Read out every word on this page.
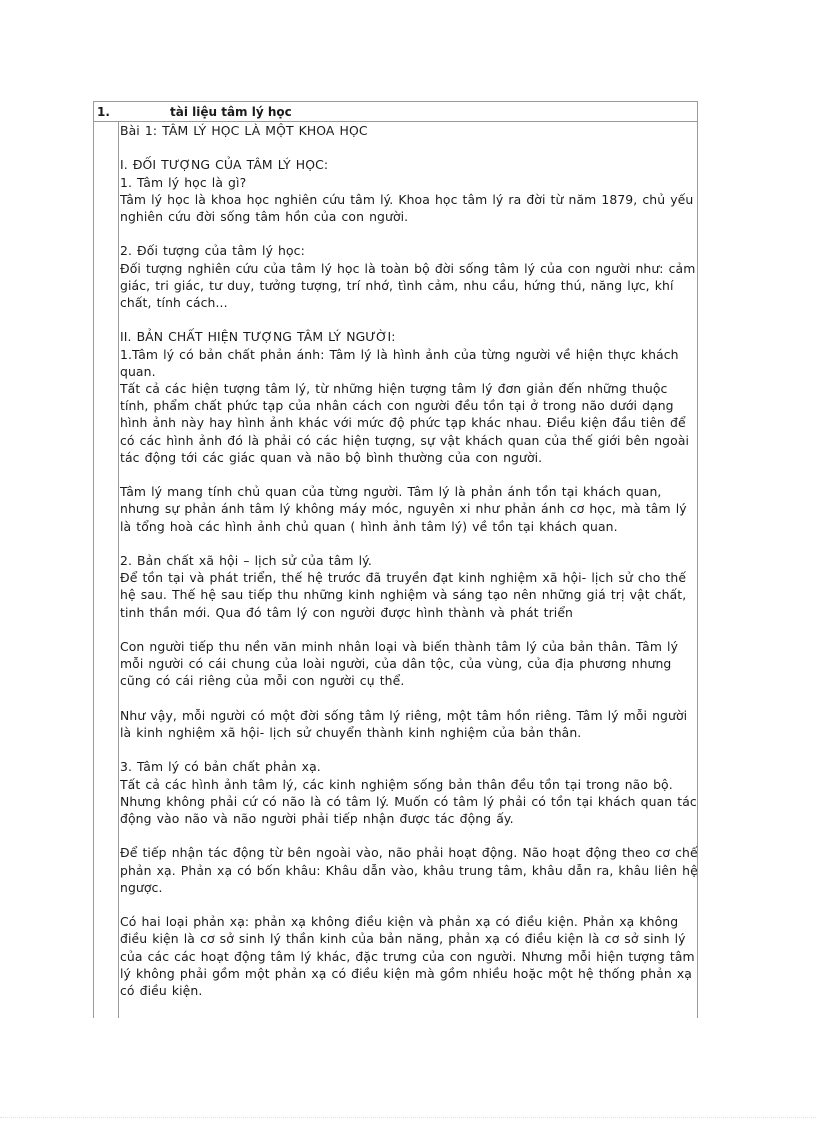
1.	tài liệu tâm lý học

Bài 1: TÂM LÝ HỌC LÀ MỘT KHOA HỌC

I. ĐỐI TƯỢNG CỦA TÂM LÝ HỌC:

1. Tâm lý học là gì?

Tâm lý học là khoa học nghiên cứu tâm lý. Khoa học tâm lý ra đời từ năm 1879, chủ yếu nghiên cứu đời sống tâm hồn của con người.

2. Đối tượng của tâm lý học:

Đối tượng nghiên cứu của tâm lý học là toàn bộ đời sống tâm lý của con người như: cảm giác, tri giác, tư duy, tưởng tượng, trí nhớ, tình cảm, nhu cầu, hứng thú, năng lực, khí chất, tính cách...

II. BẢN CHẤT HIỆN TƯỢNG TÂM LÝ NGƯỜI:

1.Tâm lý có bản chất phản ánh: Tâm lý là hình ảnh của từng người về hiện thực khách quan.

Tất cả các hiện tượng tâm lý, từ những hiện tượng tâm lý đơn giản đến những thuộc tính, phẩm chất phức tạp của nhân cách con người đều tồn tại ở trong não dưới dạng hình ảnh này hay hình ảnh khác với mức độ phức tạp khác nhau. Điều kiện đầu tiên để có các hình ảnh đó là phải có các hiện tượng, sự vật khách quan của thế giới bên ngoài tác động tới các giác quan và não bộ bình thường của con người.

Tâm lý mang tính chủ quan của từng người. Tâm lý là phản ánh tồn tại khách quan, nhưng sự phản ánh tâm lý không máy móc, nguyên xi như phản ánh cơ học, mà tâm lý là tổng hoà các hình ảnh chủ quan ( hình ảnh tâm lý) về tồn tại khách quan.

2. Bản chất xã hội – lịch sử của tâm lý.

Để tồn tại và phát triển, thế hệ trước đã truyền đạt kinh nghiệm xã hội- lịch sử cho thế hệ sau. Thế hệ sau tiếp thu những kinh nghiệm và sáng tạo nên những giá trị vật chất, tinh thần mới. Qua đó tâm lý con người được hình thành và phát triển

Con người tiếp thu nền văn minh nhân loại và biến thành tâm lý của bản thân. Tâm lý mỗi người có cái chung của loài người, của dân tộc, của vùng, của địa phương nhưng cũng có cái riêng của mỗi con người cụ thể.

Như vậy, mỗi người có một đời sống tâm lý riêng, một tâm hồn riêng. Tâm lý mỗi người là kinh nghiệm xã hội- lịch sử chuyển thành kinh nghiệm của bản thân.

3. Tâm lý có bản chất phản xạ.

Tất cả các hình ảnh tâm lý, các kinh nghiệm sống bản thân đều tồn tại trong não bộ. Nhưng không phải cứ có não là có tâm lý. Muốn có tâm lý phải có tồn tại khách quan tác động vào não và não người phải tiếp nhận được tác động ấy.

Để tiếp nhận tác động từ bên ngoài vào, não phải hoạt động. Não hoạt động theo cơ chế phản xạ. Phản xạ có bốn khâu: Khâu dẫn vào, khâu trung tâm, khâu dẫn ra, khâu liên hệ ngược.

Có hai loại phản xạ: phản xạ không điều kiện và phản xạ có điều kiện. Phản xạ không điều kiện là cơ sở sinh lý thần kinh của bản năng, phản xạ có điều kiện là cơ sở sinh lý của các các hoạt động tâm lý khác, đặc trưng của con người. Nhưng mỗi hiện tượng tâm lý không phải gồm một phản xạ có điều kiện mà gồm nhiều hoặc một hệ thống phản xạ có điều kiện.
